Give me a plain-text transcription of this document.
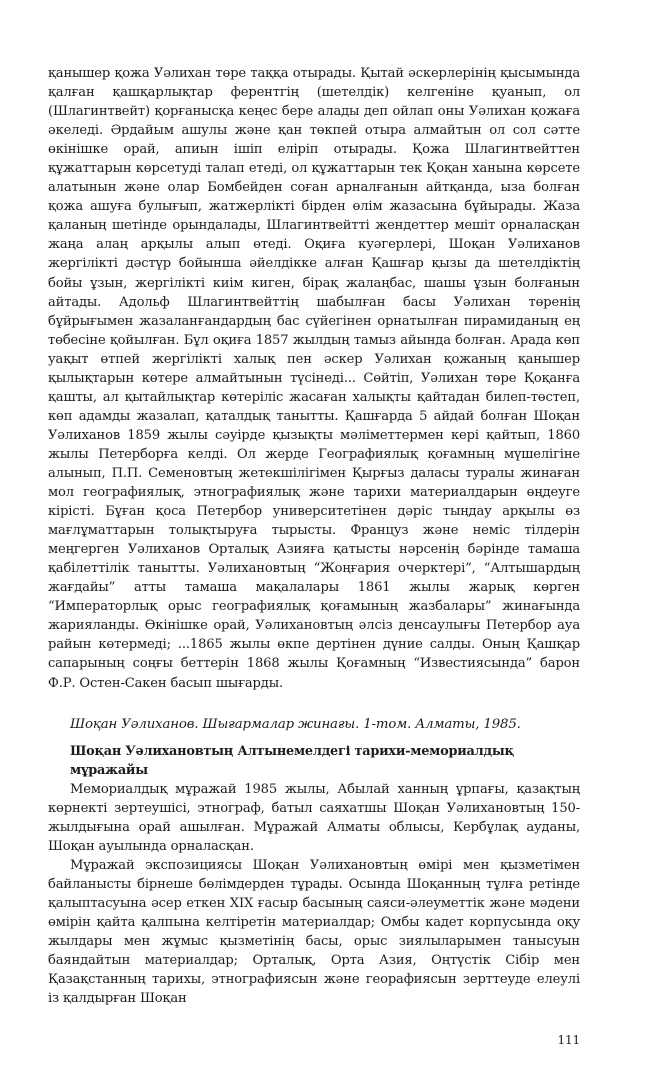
қанышер қожа Уәлихан төре таққа отырады. Қытай әскерлерінің қысымында қалған қашқарлықтар ферентгің (шетелдік) келгеніне қуанып, ол (Шлагинтвейт) қорғанысқа кеңес бере алады деп ойлап оны Уәлихан қожаға әкеледі. Әрдайым ашулы және қан төкпей отыра алмайтын ол сол сәтте өкінішке орай, апиын ішіп еліріп отырады. Қожа Шлагинтвейттен құжаттарын көрсетуді талап етеді, ол құжаттарын тек Қоқан ханына көрсете алатынын және олар Бомбейден соған арналғанын айтқанда, ыза болған қожа ашуға булығып, жатжерлікті бірден өлім жазасына бұйырады. Жаза қаланың шетінде орындалады, Шлагинтвейтті жендеттер мешіт орналасқан жаңа алаң арқылы алып өтеді. Оқиға куәгерлері, Шоқан Уәлиханов жергілікті дәстүр бойынша әйелдікке алған Қашғар қызы да шетелдіктің бойы ұзын, жергілікті киім киген, бірақ жалаңбас, шашы ұзын болғанын айтады. Адольф Шлагинтвейттің шабылған басы Уәлихан төренің бұйрығымен жазаланғандардың бас сүйегінен орнатылған пирамиданың ең төбесіне қойылған. Бұл оқиға 1857 жылдың тамыз айында болған. Арада көп уақыт өтпей жергілікті халық пен әскер Уәлихан қожаның қанышер қылықтарын көтере алмайтынын түсінеді... Сөйтіп, Уәлихан төре Қоқанға қашты, ал қытайлықтар көтеріліс жасаған халықты қайтадан билеп-төстеп, көп адамды жазалап, қаталдық танытты. Қашғарда 5 айдай болған Шоқан Уәлиханов 1859 жылы сәуірде қызықты мәліметтермен кері қайтып, 1860 жылы Петерборға келді. Ол жерде Географиялық қоғамның мүшелігіне алынып, П.П. Семеновтың жетекшілігімен Қырғыз даласы туралы жинаған мол географиялық, этнографиялық және тарихи материалдарын өңдеуге кірісті. Бұған қоса Петербор университетінен дәріс тыңдау арқылы өз мағлұматтарын толықтыруға тырысты. Француз және неміс тілдерін меңгерген Уәлиханов Орталық Азияға қатысты нәрсенің бәрінде тамаша қабілеттілік танытты. Уәлихановтың “Жоңғария очерктері”, “Алтышардың жағдайы” атты тамаша мақалалары 1861 жылы жарық көрген “Императорлық орыс географиялық қоғамының жазбалары” жинағында жарияланды. Өкінішке орай, Уәлихановтың әлсіз денсаулығы Петербор ауа райын көтермеді; ...1865 жылы өкпе дертінен дүние салды. Оның Қашқар сапарының соңғы беттерін 1868 жылы Қоғамның “Известиясында” барон Ф.Р. Остен-Сакен басып шығарды.

Шоқан Уәлиханов. Шығармалар жинағы. 1-том. Алматы, 1985.

Шоқан Уәлихановтың Алтынемелдегі тарихи-мемориалдық мұражайы

Мемориалдық мұражай 1985 жылы, Абылай ханның ұрпағы, қазақтың көрнекті зертеушісі, этнограф, батыл саяхатшы Шоқан Уәлихановтың 150-жылдығына орай ашылған. Мұражай Алматы облысы, Кербұлақ ауданы, Шоқан ауылында орналасқан.

Мұражай экспозициясы Шоқан Уәлихановтың өмірі мен қызметімен байланысты бірнеше бөлімдерден тұрады. Осында Шоқанның тұлға ретінде қалыптасуына әсер еткен XIX ғасыр басының саяси-әлеуметтік және мәдени өмірін қайта қалпына келтіретін материалдар; Омбы кадет корпусында оқу жылдары мен жұмыс қызметінің басы, орыс зиялыларымен танысуын баяндайтын материалдар; Орталық, Орта Азия, Оңтүстік Сібір мен Қазақстанның тарихы, этнографиясын және георафиясын зерттеуде елеулі із қалдырған Шоқан

111
